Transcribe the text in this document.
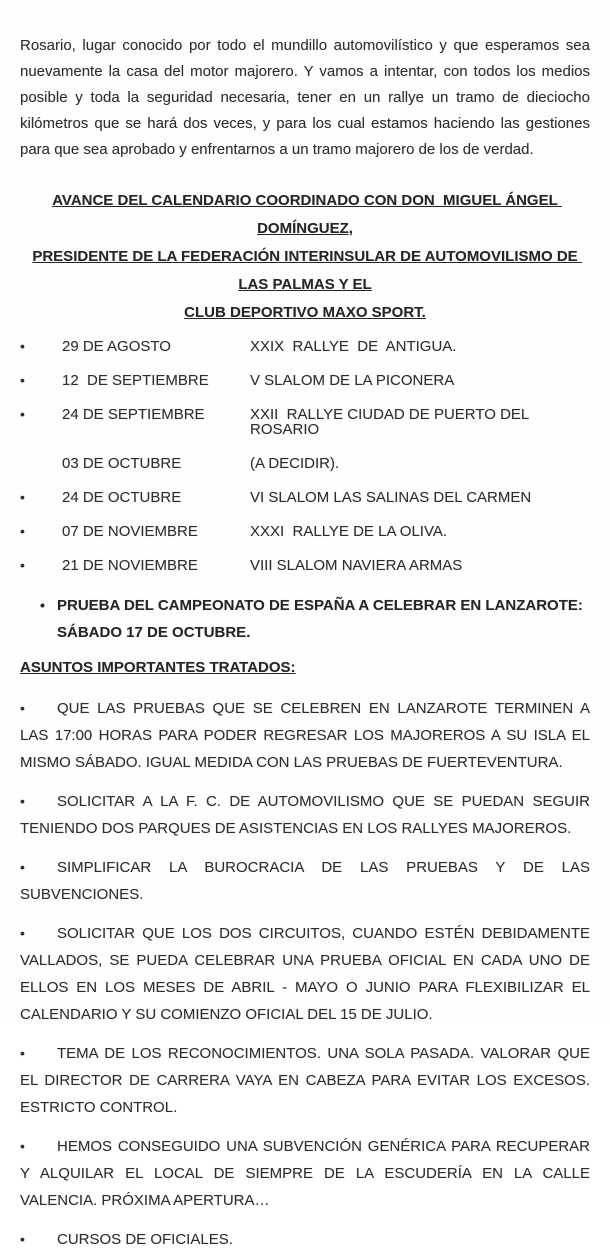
Rosario, lugar conocido por todo el mundillo automovilístico y que esperamos sea nuevamente la casa del motor majorero. Y vamos a intentar, con todos los medios posible y toda la seguridad necesaria, tener en un rallye un tramo de dieciocho kilómetros que se hará dos veces, y para los cual estamos haciendo las gestiones para que sea aprobado y enfrentarnos a un tramo majorero de los de verdad.

AVANCE DEL CALENDARIO COORDINADO CON DON  MIGUEL ÁNGEL DOMÍNGUEZ,
PRESIDENTE DE LA FEDERACIÓN INTERINSULAR DE AUTOMOVILISMO DE LAS PALMAS Y EL
CLUB DEPORTIVO MAXO SPORT.
•	29 DE AGOSTO	XXIX  RALLYE  DE  ANTIGUA.
•	12  DE SEPTIEMBRE	V SLALOM DE LA PICONERA
•	24 DE SEPTIEMBRE	XXII  RALLYE CIUDAD DE PUERTO DEL ROSARIO
03 DE OCTUBRE	(A DECIDIR).
•	24 DE OCTUBRE	VI SLALOM LAS SALINAS DEL CARMEN
•	07 DE NOVIEMBRE	XXXI  RALLYE DE LA OLIVA.
•	21 DE NOVIEMBRE	VIII SLALOM NAVIERA ARMAS
• PRUEBA DEL CAMPEONATO DE ESPAÑA A CELEBRAR EN LANZAROTE: SÁBADO 17 DE OCTUBRE.

ASUNTOS IMPORTANTES TRATADOS:
•	QUE LAS PRUEBAS QUE SE CELEBREN EN LANZAROTE TERMINEN A LAS 17:00 HORAS PARA PODER REGRESAR LOS MAJOREROS A SU ISLA EL MISMO SÁBADO. IGUAL MEDIDA CON LAS PRUEBAS DE FUERTEVENTURA.

•	SOLICITAR A LA F. C. DE AUTOMOVILISMO QUE SE PUEDAN SEGUIR TENIENDO DOS PARQUES DE ASISTENCIAS EN LOS RALLYES MAJOREROS.

•	SIMPLIFICAR LA BUROCRACIA DE LAS PRUEBAS Y DE LAS SUBVENCIONES.

•	SOLICITAR QUE LOS DOS CIRCUITOS, CUANDO ESTÉN DEBIDAMENTE VALLADOS, SE PUEDA CELEBRAR UNA PRUEBA OFICIAL EN CADA UNO DE ELLOS EN LOS MESES DE ABRIL - MAYO O JUNIO PARA FLEXIBILIZAR EL CALENDARIO Y SU COMIENZO OFICIAL DEL 15 DE JULIO.

•	TEMA DE LOS RECONOCIMIENTOS. UNA SOLA PASADA. VALORAR QUE EL DIRECTOR DE CARRERA VAYA EN CABEZA PARA EVITAR LOS EXCESOS. ESTRICTO CONTROL.

•	HEMOS CONSEGUIDO UNA SUBVENCIÓN GENÉRICA PARA RECUPERAR Y ALQUILAR EL LOCAL DE SIEMPRE DE LA ESCUDERÍA EN LA CALLE VALENCIA. PRÓXIMA APERTURA…

•	CURSOS DE OFICIALES.
